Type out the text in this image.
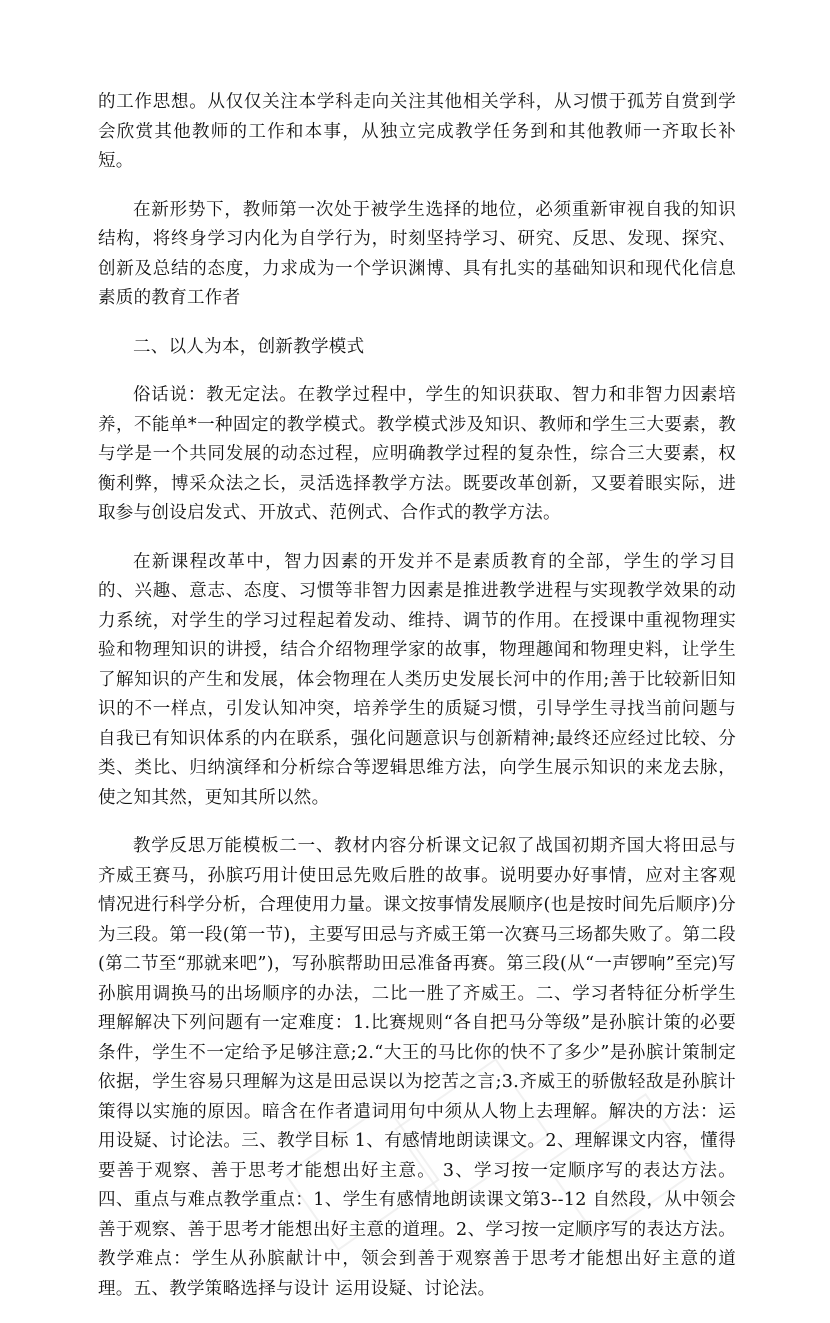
的工作思想。从仅仅关注本学科走向关注其他相关学科，从习惯于孤芳自赏到学会欣赏其他教师的工作和本事，从独立完成教学任务到和其他教师一齐取长补短。

在新形势下，教师第一次处于被学生选择的地位，必须重新审视自我的知识结构，将终身学习内化为自学行为，时刻坚持学习、研究、反思、发现、探究、创新及总结的态度，力求成为一个学识渊博、具有扎实的基础知识和现代化信息素质的教育工作者

二、以人为本，创新教学模式

俗话说：教无定法。在教学过程中，学生的知识获取、智力和非智力因素培养，不能单*一种固定的教学模式。教学模式涉及知识、教师和学生三大要素，教与学是一个共同发展的动态过程，应明确教学过程的复杂性，综合三大要素，权衡利弊，博采众法之长，灵活选择教学方法。既要改革创新，又要着眼实际，进取参与创设启发式、开放式、范例式、合作式的教学方法。

在新课程改革中，智力因素的开发并不是素质教育的全部，学生的学习目的、兴趣、意志、态度、习惯等非智力因素是推进教学进程与实现教学效果的动力系统，对学生的学习过程起着发动、维持、调节的作用。在授课中重视物理实验和物理知识的讲授，结合介绍物理学家的故事，物理趣闻和物理史料，让学生了解知识的产生和发展，体会物理在人类历史发展长河中的作用;善于比较新旧知识的不一样点，引发认知冲突，培养学生的质疑习惯，引导学生寻找当前问题与自我已有知识体系的内在联系，强化问题意识与创新精神;最终还应经过比较、分类、类比、归纳演绎和分析综合等逻辑思维方法，向学生展示知识的来龙去脉，使之知其然，更知其所以然。

教学反思万能模板二一、教材内容分析课文记叙了战国初期齐国大将田忌与齐威王赛马，孙膑巧用计使田忌先败后胜的故事。说明要办好事情，应对主客观情况进行科学分析，合理使用力量。课文按事情发展顺序(也是按时间先后顺序)分为三段。第一段(第一节)，主要写田忌与齐威王第一次赛马三场都失败了。第二段(第二节至“那就来吧”)，写孙膑帮助田忌准备再赛。第三段(从“一声锣响”至完)写孙膑用调换马的出场顺序的办法，二比一胜了齐威王。二、学习者特征分析学生理解解决下列问题有一定难度：1.比赛规则“各自把马分等级”是孙膑计策的必要条件，学生不一定给予足够注意;2.“大王的马比你的快不了多少”是孙膑计策制定依据，学生容易只理解为这是田忌误以为挖苦之言;3.齐威王的骄傲轻敌是孙膑计策得以实施的原因。暗含在作者遣词用句中须从人物上去理解。解决的方法：运用设疑、讨论法。三、教学目标 1、有感情地朗读课文。2、理解课文内容，懂得要善于观察、善于思考才能想出好主意。 3、学习按一定顺序写的表达方法。四、重点与难点教学重点：1、学生有感情地朗读课文第3--12 自然段，从中领会善于观察、善于思考才能想出好主意的道理。2、学习按一定顺序写的表达方法。 教学难点：学生从孙膑献计中，领会到善于观察善于思考才能想出好主意的道理。五、教学策略选择与设计 运用设疑、讨论法。
